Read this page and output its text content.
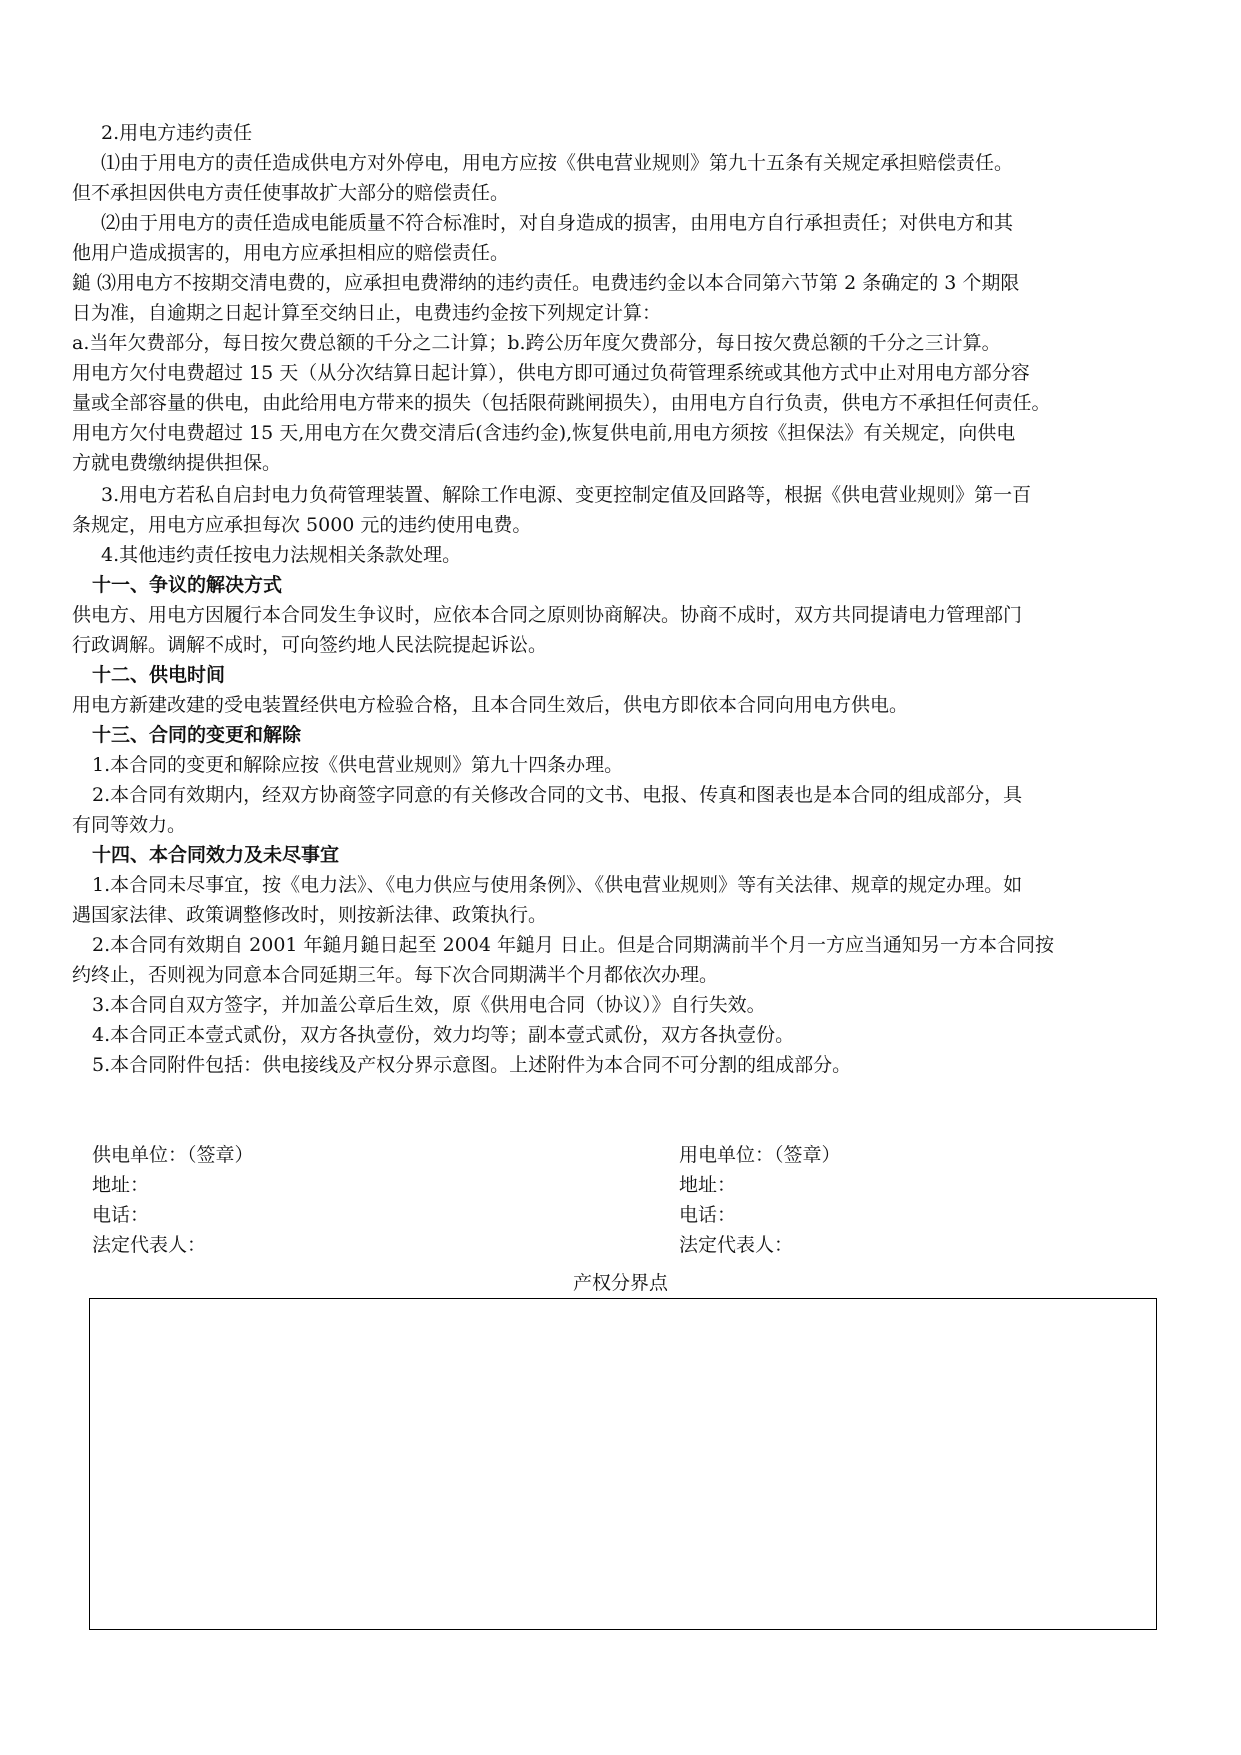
2.用电方违约责任
⑴由于用电方的责任造成供电方对外停电，用电方应按《供电营业规则》第九十五条有关规定承担赔偿责任。
但不承担因供电方责任使事故扩大部分的赔偿责任。
⑵由于用电方的责任造成电能质量不符合标准时，对自身造成的损害，由用电方自行承担责任；对供电方和其
他用户造成损害的，用电方应承担相应的赔偿责任。
鎚 ⑶用电方不按期交清电费的，应承担电费滞纳的违约责任。电费违约金以本合同第六节第 2 条确定的 3 个期限
日为准，自逾期之日起计算至交纳日止，电费违约金按下列规定计算：
a.当年欠费部分，每日按欠费总额的千分之二计算；b.跨公历年度欠费部分，每日按欠费总额的千分之三计算。
用电方欠付电费超过 15 天（从分次结算日起计算），供电方即可通过负荷管理系统或其他方式中止对用电方部分容
量或全部容量的供电，由此给用电方带来的损失（包括限荷跳闸损失），由用电方自行负责，供电方不承担任何责任。
用电方欠付电费超过 15 天,用电方在欠费交清后(含违约金),恢复供电前,用电方须按《担保法》有关规定，向供电
方就电费缴纳提供担保。
3.用电方若私自启封电力负荷管理装置、解除工作电源、变更控制定值及回路等，根据《供电营业规则》第一百
条规定，用电方应承担每次 5000 元的违约使用电费。
4.其他违约责任按电力法规相关条款处理。
十一、争议的解决方式
供电方、用电方因履行本合同发生争议时，应依本合同之原则协商解决。协商不成时，双方共同提请电力管理部门
行政调解。调解不成时，可向签约地人民法院提起诉讼。
十二、供电时间
用电方新建改建的受电装置经供电方检验合格，且本合同生效后，供电方即依本合同向用电方供电。
十三、合同的变更和解除
1.本合同的变更和解除应按《供电营业规则》第九十四条办理。
2.本合同有效期内，经双方协商签字同意的有关修改合同的文书、电报、传真和图表也是本合同的组成部分，具
有同等效力。
十四、本合同效力及未尽事宜
1.本合同未尽事宜，按《电力法》、《电力供应与使用条例》、《供电营业规则》等有关法律、规章的规定办理。如
遇国家法律、政策调整修改时，则按新法律、政策执行。
2.本合同有效期自 2001 年鎚月鎚日起至 2004 年鎚月 日止。但是合同期满前半个月一方应当通知另一方本合同按
约终止，否则视为同意本合同延期三年。每下次合同期满半个月都依次办理。
3.本合同自双方签字，并加盖公章后生效，原《供用电合同（协议）》自行失效。
4.本合同正本壹式贰份，双方各执壹份，效力均等；副本壹式贰份，双方各执壹份。
5.本合同附件包括：供电接线及产权分界示意图。上述附件为本合同不可分割的组成部分。
供电单位：（签章）
地址：
电话：
法定代表人：
用电单位：（签章）
地址：
电话：
法定代表人：
产权分界点
